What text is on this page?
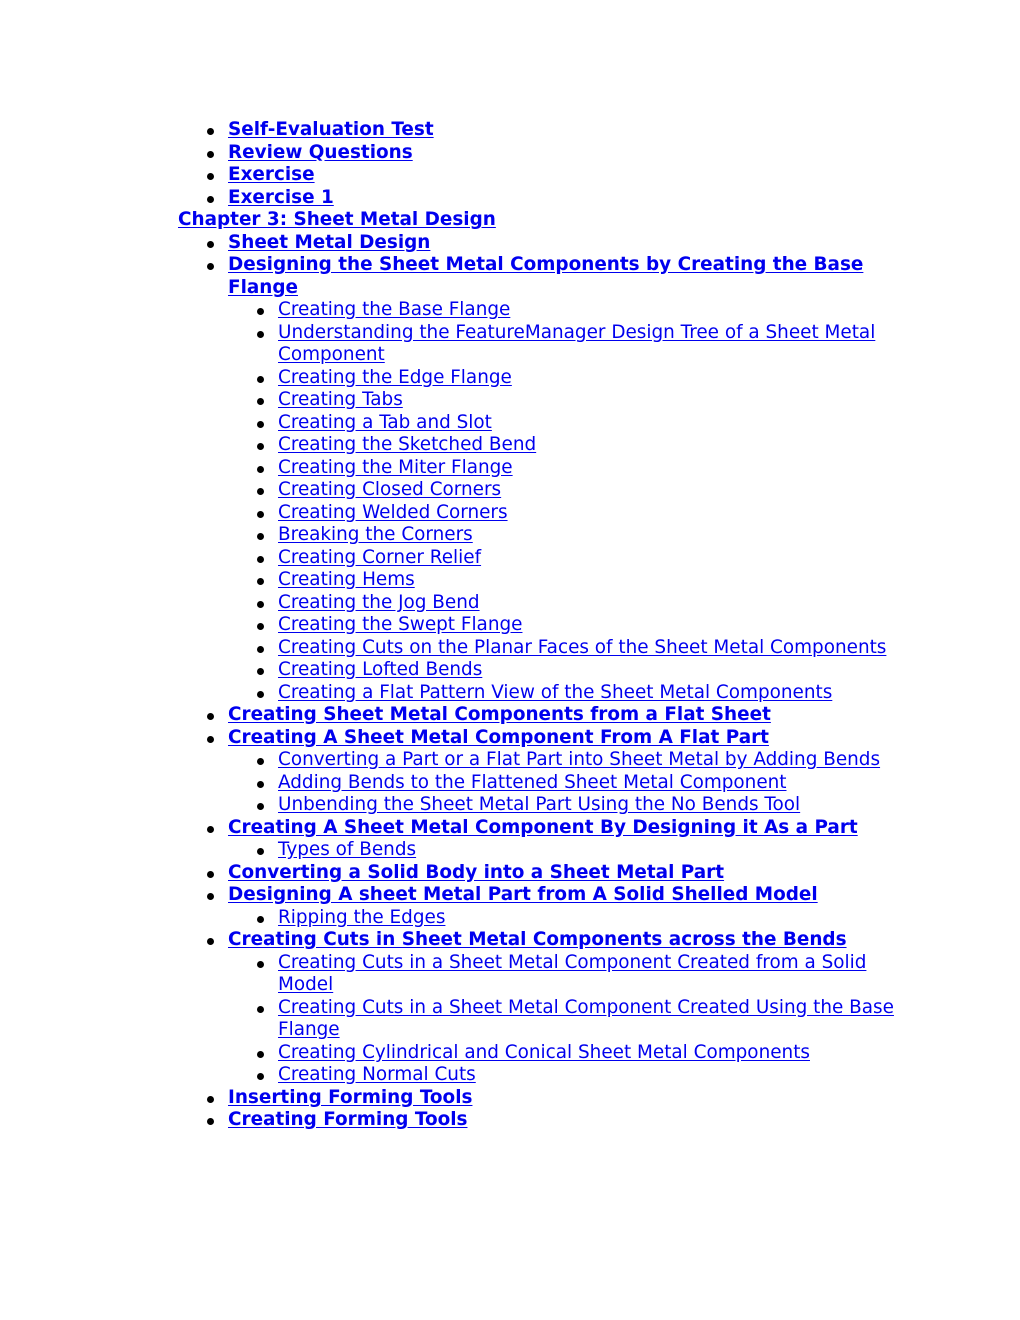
Self-Evaluation Test
Review Questions
Exercise
Exercise 1
Chapter 3: Sheet Metal Design
Sheet Metal Design
Designing the Sheet Metal Components by Creating the Base Flange
Creating the Base Flange
Understanding the FeatureManager Design Tree of a Sheet Metal Component
Creating the Edge Flange
Creating Tabs
Creating a Tab and Slot
Creating the Sketched Bend
Creating the Miter Flange
Creating Closed Corners
Creating Welded Corners
Breaking the Corners
Creating Corner Relief
Creating Hems
Creating the Jog Bend
Creating the Swept Flange
Creating Cuts on the Planar Faces of the Sheet Metal Components
Creating Lofted Bends
Creating a Flat Pattern View of the Sheet Metal Components
Creating Sheet Metal Components from a Flat Sheet
Creating A Sheet Metal Component From A Flat Part
Converting a Part or a Flat Part into Sheet Metal by Adding Bends
Adding Bends to the Flattened Sheet Metal Component
Unbending the Sheet Metal Part Using the No Bends Tool
Creating A Sheet Metal Component By Designing it As a Part
Types of Bends
Converting a Solid Body into a Sheet Metal Part
Designing A sheet Metal Part from A Solid Shelled Model
Ripping the Edges
Creating Cuts in Sheet Metal Components across the Bends
Creating Cuts in a Sheet Metal Component Created from a Solid Model
Creating Cuts in a Sheet Metal Component Created Using the Base Flange
Creating Cylindrical and Conical Sheet Metal Components
Creating Normal Cuts
Inserting Forming Tools
Creating Forming Tools
